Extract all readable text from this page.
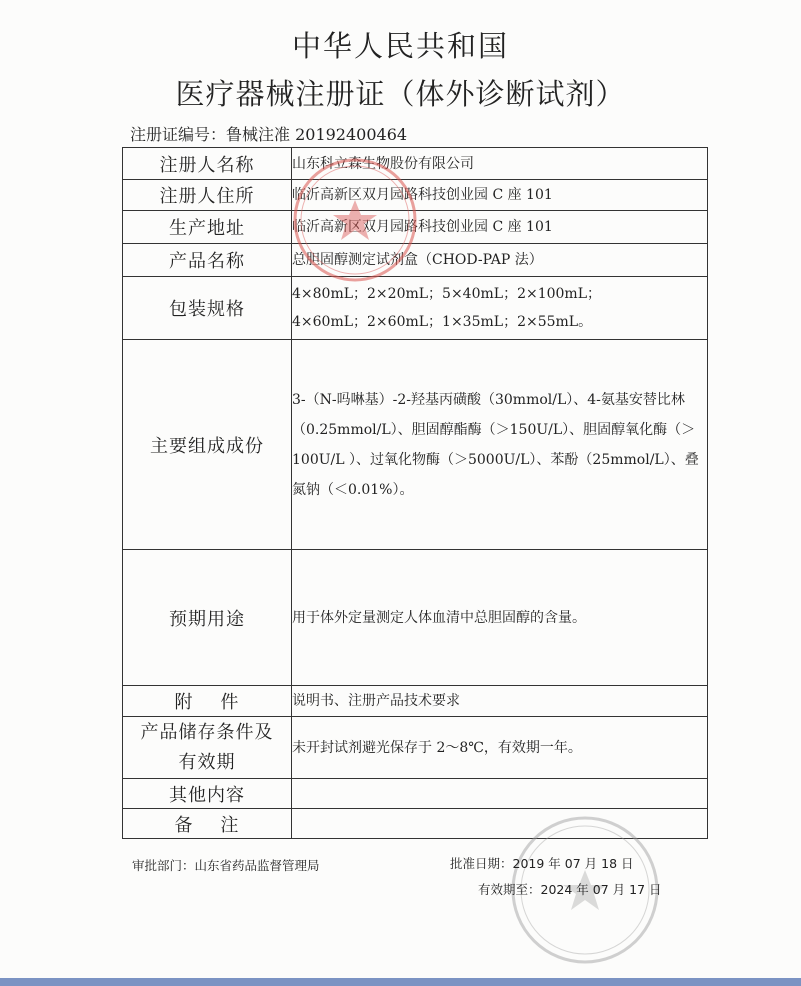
中华人民共和国
医疗器械注册证（体外诊断试剂）
注册证编号：鲁械注准 20192400464
注册人名称	山东科立森生物股份有限公司
注册人住所	临沂高新区双月园路科技创业园 C 座 101
生产地址	临沂高新区双月园路科技创业园 C 座 101
产品名称	总胆固醇测定试剂盒（CHOD-PAP 法）
包装规格	4×80mL；2×20mL；5×40mL；2×100mL；
4×60mL；2×60mL；1×35mL；2×55mL。

主要组成成份	3-（N-吗啉基）-2-羟基丙磺酸（30mmol/L）、4-氨基安替比林（0.25mmol/L）、胆固醇酯酶（＞150U/L）、胆固醇氧化酶（＞100U/L ）、过氧化物酶（＞5000U/L）、苯酚（25mmol/L）、叠氮钠（＜0.01%）。

预期用途	用于体外定量测定人体血清中总胆固醇的含量。
附    件	说明书、注册产品技术要求

产品储存条件及
有效期	未开封试剂避光保存于 2～8℃，有效期一年。
其他内容	
备    注	
审批部门：山东省药品监督管理局	批准日期：2019 年 07 月 18 日
有效期至：2024 年 07 月 17 日
